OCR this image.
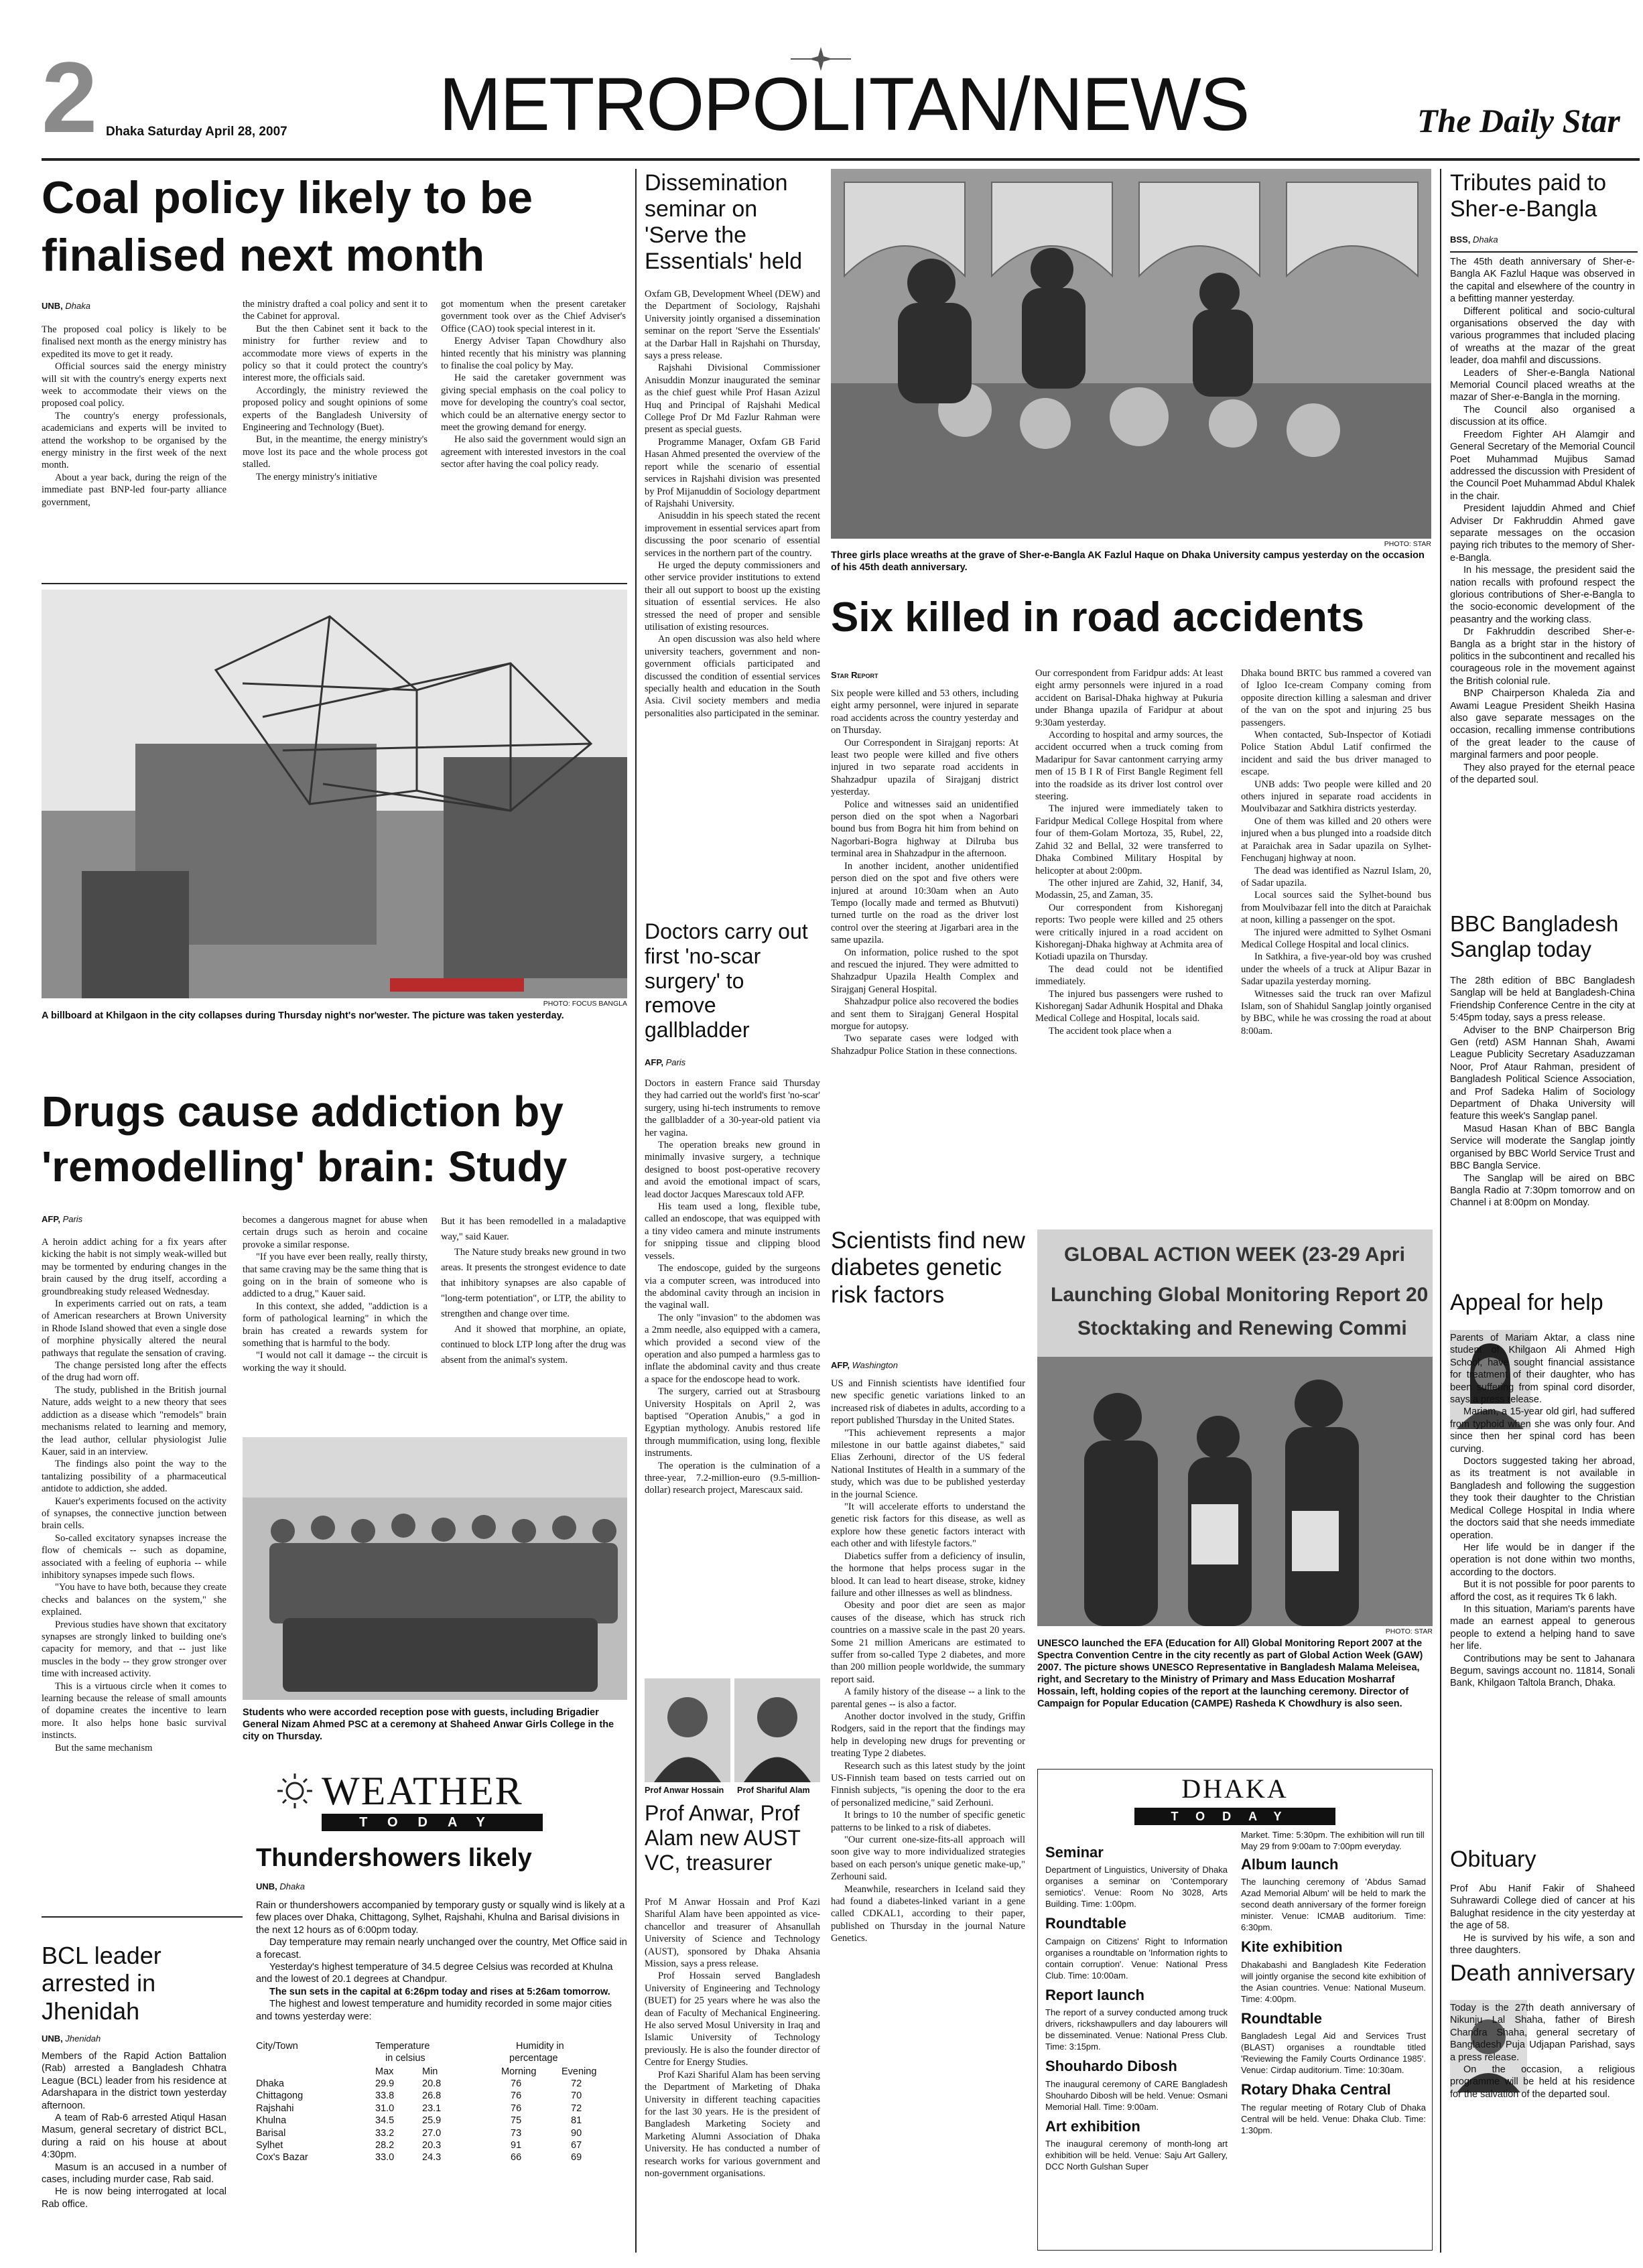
2 Dhaka Saturday April 28, 2007 METROPOLITAN/NEWS	The Daily Star
Coal policy likely to be finalised next month
UNB, Dhaka

The proposed coal policy is likely to be finalised next month as the energy ministry has expedited its move to get it ready.

Official sources said the energy ministry will sit with the country's energy experts next week to accommodate their views on the proposed coal policy.

The country's energy professionals, academicians and experts will be invited to attend the workshop to be organised by the energy ministry in the first week of the next month.

About a year back, during the reign of the immediate past BNP-led four-party alliance government,

the ministry drafted a coal policy and sent it to the Cabinet for approval.

But the then Cabinet sent it back to the ministry for further review and to accommodate more views of experts in the policy so that it could protect the country's interest more, the officials said.

Accordingly, the ministry reviewed the proposed policy and sought opinions of some experts of the Bangladesh University of Engineering and Technology (Buet).

But, in the meantime, the energy ministry's move lost its pace and the whole process got stalled.

The energy ministry's initiative

got momentum when the present caretaker government took over as the Chief Adviser's Office (CAO) took special interest in it.

Energy Adviser Tapan Chowdhury also hinted recently that his ministry was planning to finalise the coal policy by May.

He said the caretaker government was giving special emphasis on the coal policy to move for developing the country's coal sector, which could be an alternative energy sector to meet the growing demand for energy.

He also said the government would sign an agreement with interested investors in the coal sector after having the coal policy ready.

PHOTO: FOCUS BANGLA

A billboard at Khilgaon in the city collapses during Thursday night's nor'wester. The picture was taken yesterday.

Drugs cause addiction by 'remodelling' brain: Study
AFP, Paris

A heroin addict aching for a fix years after kicking the habit is not simply weak-willed but may be tormented by enduring changes in the brain caused by the drug itself, according a groundbreaking study released Wednesday.

In experiments carried out on rats, a team of American researchers at Brown University in Rhode Island showed that even a single dose of morphine physically altered the neural pathways that regulate the sensation of craving.

The change persisted long after the effects of the drug had worn off.

The study, published in the British journal Nature, adds weight to a new theory that sees addiction as a disease which "remodels" brain mechanisms related to learning and memory, the lead author, cellular physiologist Julie Kauer, said in an interview.

The findings also point the way to the tantalizing possibility of a pharmaceutical antidote to addiction, she added.

Kauer's experiments focused on the activity of synapses, the connective junction between brain cells.

So-called excitatory synapses increase the flow of chemicals -- such as dopamine, associated with a feeling of euphoria -- while inhibitory synapses impede such flows.

"You have to have both, because they create checks and balances on the system," she explained.

Previous studies have shown that excitatory synapses are strongly linked to building one's capacity for memory, and that -- just like muscles in the body -- they grow stronger over time with increased activity.

This is a virtuous circle when it comes to learning because the release of small amounts of dopamine creates the incentive to learn more. It also helps hone basic survival instincts.

But the same mechanism

becomes a dangerous magnet for abuse when certain drugs such as heroin and cocaine provoke a similar response.

"If you have ever been really, really thirsty, that same craving may be the same thing that is going on in the brain of someone who is addicted to a drug," Kauer said.

In this context, she added, "addiction is a form of pathological learning" in which the brain has created a rewards system for something that is harmful to the body.

"I would not call it damage -- the circuit is working the way it should.

But it has been remodelled in a maladaptive way," said Kauer.

The Nature study breaks new ground in two areas. It presents the strongest evidence to date that inhibitory synapses are also capable of "long-term potentiation", or LTP, the ability to strengthen and change over time.

And it showed that morphine, an opiate, continued to block LTP long after the drug was absent from the animal's system.

Students who were accorded reception pose with guests, including Brigadier General Nizam Ahmed PSC at a ceremony at Shaheed Anwar Girls College in the city on Thursday.

WEATHER
TODAY
Thundershowers likely
UNB, Dhaka

Rain or thundershowers accompanied by temporary gusty or squally wind is likely at a few places over Dhaka, Chittagong, Sylhet, Rajshahi, Khulna and Barisal divisions in the next 12 hours as of 6:00pm today.

Day temperature may remain nearly unchanged over the country, Met Office said in a forecast.

Yesterday's highest temperature of 34.5 degree Celsius was recorded at Khulna and the lowest of 20.1 degrees at Chandpur.

The sun sets in the capital at 6:26pm today and rises at 5:26am tomorrow.

The highest and lowest temperature and humidity recorded in some major cities and towns yesterday were:

City/Town	Temperature
in celsius
Humidity in
percentage
Max	Min	Morning	Evening
Dhaka	29.9	20.8	76	72
Chittagong	33.8	26.8	76	70
Rajshahi	31.0	23.1	76	72
Khulna	34.5	25.9	75	81
Barisal	33.2	27.0	73	90
Sylhet	28.2	20.3	91	67
Cox's Bazar	33.0	24.3	66	69
BCL leader arrested in Jhenidah
UNB, Jhenidah

Members of the Rapid Action Battalion (Rab) arrested a Bangladesh Chhatra League (BCL) leader from his residence at Adarshapara in the district town yesterday afternoon.

A team of Rab-6 arrested Atiqul Hasan Masum, general secretary of district BCL, during a raid on his house at about 4:30pm.

Masum is an accused in a number of cases, including murder case, Rab said.

He is now being interrogated at local Rab office.

Dissemination seminar on 'Serve the Essentials' held

Oxfam GB, Development Wheel (DEW) and the Department of Sociology, Rajshahi University jointly organised a dissemination seminar on the report 'Serve the Essentials' at the Darbar Hall in Rajshahi on Thursday, says a press release.

Rajshahi Divisional Commissioner Anisuddin Monzur inaugurated the seminar as the chief guest while Prof Hasan Azizul Huq and Principal of Rajshahi Medical College Prof Dr Md Fazlur Rahman were present as special guests.

Programme Manager, Oxfam GB Farid Hasan Ahmed presented the overview of the report while the scenario of essential services in Rajshahi division was presented by Prof Mijanuddin of Sociology department of Rajshahi University.

Anisuddin in his speech stated the recent improvement in essential services apart from discussing the poor scenario of essential services in the northern part of the country.

He urged the deputy commissioners and other service provider institutions to extend their all out support to boost up the existing situation of essential services. He also stressed the need of proper and sensible utilisation of existing resources.

An open discussion was also held where university teachers, government and non-government officials participated and discussed the condition of essential services specially health and education in the South Asia. Civil society members and media personalities also participated in the seminar.

Doctors carry out first 'no-scar surgery' to remove gallbladder
AFP, Paris

Doctors in eastern France said Thursday they had carried out the world's first 'no-scar' surgery, using hi-tech instruments to remove the gallbladder of a 30-year-old patient via her vagina.

The operation breaks new ground in minimally invasive surgery, a technique designed to boost post-operative recovery and avoid the emotional impact of scars, lead doctor Jacques Marescaux told AFP.

His team used a long, flexible tube, called an endoscope, that was equipped with a tiny video camera and minute instruments for snipping tissue and clipping blood vessels.

The endoscope, guided by the surgeons via a computer screen, was introduced into the abdominal cavity through an incision in the vaginal wall.

The only "invasion" to the abdomen was a 2mm needle, also equipped with a camera, which provided a second view of the operation and also pumped a harmless gas to inflate the abdominal cavity and thus create a space for the endoscope head to work.

The surgery, carried out at Strasbourg University Hospitals on April 2, was baptised "Operation Anubis," a god in Egyptian mythology. Anubis restored life through mummification, using long, flexible instruments.

The operation is the culmination of a three-year, 7.2-million-euro (9.5-million-dollar) research project, Marescaux said.

Prof Anwar Hossain Prof Shariful Alam

Prof Anwar, Prof Alam new AUST VC, treasurer

Prof M Anwar Hossain and Prof Kazi Shariful Alam have been appointed as vice-chancellor and treasurer of Ahsanullah University of Science and Technology (AUST), sponsored by Dhaka Ahsania Mission, says a press release.

Prof Hossain served Bangladesh University of Engineering and Technology (BUET) for 25 years where he was also the dean of Faculty of Mechanical Engineering. He also served Mosul University in Iraq and Islamic University of Technology previously. He is also the founder director of Centre for Energy Studies.

Prof Kazi Shariful Alam has been serving the Department of Marketing of Dhaka University in different teaching capacities for the last 30 years. He is the president of Bangladesh Marketing Society and Marketing Alumni Association of Dhaka University. He has conducted a number of research works for various government and non-government organisations.

PHOTO: STAR

Three girls place wreaths at the grave of Sher-e-Bangla AK Fazlul Haque on Dhaka University campus yesterday on the occasion of his 45th death anniversary.

Six killed in road accidents
Star Report

Six people were killed and 53 others, including eight army personnel, were injured in separate road accidents across the country yesterday and on Thursday.

Our Correspondent in Sirajganj reports: At least two people were killed and five others injured in two separate road accidents in Shahzadpur upazila of Sirajganj district yesterday.

Police and witnesses said an unidentified person died on the spot when a Nagorbari bound bus from Bogra hit him from behind on Nagorbari-Bogra highway at Dilruba bus terminal area in Shahzadpur in the afternoon.

In another incident, another unidentified person died on the spot and five others were injured at around 10:30am when an Auto Tempo (locally made and termed as Bhutvuti) turned turtle on the road as the driver lost control over the steering at Jigarbari area in the same upazila.

On information, police rushed to the spot and rescued the injured. They were admitted to Shahzadpur Upazila Health Complex and Sirajganj General Hospital.

Shahzadpur police also recovered the bodies and sent them to Sirajganj General Hospital morgue for autopsy.

Two separate cases were lodged with Shahzadpur Police Station in these connections.

Our correspondent from Faridpur adds: At least eight army personnels were injured in a road accident on Barisal-Dhaka highway at Pukuria under Bhanga upazila of Faridpur at about 9:30am yesterday.

According to hospital and army sources, the accident occurred when a truck coming from Madaripur for Savar cantonment carrying army men of 15 B I R of First Bangle Regiment fell into the roadside as its driver lost control over steering.

The injured were immediately taken to Faridpur Medical College Hospital from where four of them-Golam Mortoza, 35, Rubel, 22, Zahid 32 and Bellal, 32 were transferred to Dhaka Combined Military Hospital by helicopter at about 2:00pm.

The other injured are Zahid, 32, Hanif, 34, Modassin, 25, and Zaman, 35.

Our correspondent from Kishoreganj reports: Two people were killed and 25 others were critically injured in a road accident on Kishoreganj-Dhaka highway at Achmita area of Kotiadi upazila on Thursday.

The dead could not be identified immediately.

The injured bus passengers were rushed to Kishoreganj Sadar Adhunik Hospital and Dhaka Medical College and Hospital, locals said.

The accident took place when a

Dhaka bound BRTC bus rammed a covered van of Igloo Ice-cream Company coming from opposite direction killing a salesman and driver of the van on the spot and injuring 25 bus passengers.

When contacted, Sub-Inspector of Kotiadi Police Station Abdul Latif confirmed the incident and said the bus driver managed to escape.

UNB adds: Two people were killed and 20 others injured in separate road accidents in Moulvibazar and Satkhira districts yesterday.

One of them was killed and 20 others were injured when a bus plunged into a roadside ditch at Paraichak area in Sadar upazila on Sylhet-Fenchuganj highway at noon.

The dead was identified as Nazrul Islam, 20, of Sadar upazila.

Local sources said the Sylhet-bound bus from Moulvibazar fell into the ditch at Paraichak at noon, killing a passenger on the spot.

The injured were admitted to Sylhet Osmani Medical College Hospital and local clinics.

In Satkhira, a five-year-old boy was crushed under the wheels of a truck at Alipur Bazar in Sadar upazila yesterday morning.

Witnesses said the truck ran over Mafizul Islam, son of Shahidul Sanglap jointly organised by BBC, while he was crossing the road at about 8:00am.

Scientists find new diabetes genetic risk factors
AFP, Washington

US and Finnish scientists have identified four new specific genetic variations linked to an increased risk of diabetes in adults, according to a report published Thursday in the United States.

"This achievement represents a major milestone in our battle against diabetes," said Elias Zerhouni, director of the US federal National Institutes of Health in a summary of the study, which was due to be published yesterday in the journal Science.

"It will accelerate efforts to understand the genetic risk factors for this disease, as well as explore how these genetic factors interact with each other and with lifestyle factors."

Diabetics suffer from a deficiency of insulin, the hormone that helps process sugar in the blood. It can lead to heart disease, stroke, kidney failure and other illnesses as well as blindness.

Obesity and poor diet are seen as major causes of the disease, which has struck rich countries on a massive scale in the past 20 years. Some 21 million Americans are estimated to suffer from so-called Type 2 diabetes, and more than 200 million people worldwide, the summary report said.

A family history of the disease -- a link to the parental genes -- is also a factor.

Another doctor involved in the study, Griffin Rodgers, said in the report that the findings may help in developing new drugs for preventing or treating Type 2 diabetes.

Research such as this latest study by the joint US-Finnish team based on tests carried out on Finnish subjects, "is opening the door to the era of personalized medicine," said Zerhouni.

It brings to 10 the number of specific genetic patterns to be linked to a risk of diabetes.

"Our current one-size-fits-all approach will soon give way to more individualized strategies based on each person's unique genetic make-up," Zerhouni said.

Meanwhile, researchers in Iceland said they had found a diabetes-linked variant in a gene called CDKAL1, according to their paper, published on Thursday in the journal Nature Genetics.

GLOBAL ACTION WEEK (23-29 Apri
Launching Global Monitoring Report 20
Stocktaking and Renewing Commi

PHOTO: STAR

UNESCO launched the EFA (Education for All) Global Monitoring Report 2007 at the Spectra Convention Centre in the city recently as part of Global Action Week (GAW) 2007. The picture shows UNESCO Representative in Bangladesh Malama Meleisea, right, and Secretary to the Ministry of Primary and Mass Education Mosharraf Hossain, left, holding copies of the report at the launching ceremony. Director of Campaign for Popular Education (CAMPE) Rasheda K Chowdhury is also seen.

DHAKA
TODAY
Seminar

Department of Linguistics, University of Dhaka organises a seminar on 'Contemporary semiotics'. Venue: Room No 3028, Arts Building. Time: 1:00pm.

Roundtable

Campaign on Citizens' Right to Information organises a roundtable on 'Information rights to contain corruption'. Venue: National Press Club. Time: 10:00am.

Report launch

The report of a survey conducted among truck drivers, rickshawpullers and day labourers will be disseminated. Venue: National Press Club. Time: 3:15pm.

Shouhardo Dibosh

The inaugural ceremony of CARE Bangladesh Shouhardo Dibosh will be held. Venue: Osmani Memorial Hall. Time: 9:00am.

Art exhibition

The inaugural ceremony of month-long art exhibition will be held. Venue: Saju Art Gallery, DCC North Gulshan Super

Market. Time: 5:30pm. The exhibition will run till May 29 from 9:00am to 7:00pm everyday.

Album launch

The launching ceremony of 'Abdus Samad Azad Memorial Album' will be held to mark the second death anniversary of the former foreign minister. Venue: ICMAB auditorium. Time: 6:30pm.

Kite exhibition

Dhakabashi and Bangladesh Kite Federation will jointly organise the second kite exhibition of the Asian countries. Venue: National Museum. Time: 4:00pm.

Roundtable

Bangladesh Legal Aid and Services Trust (BLAST) organises a roundtable titled 'Reviewing the Family Courts Ordinance 1985'. Venue: Cirdap auditorium. Time: 10:30am.

Rotary Dhaka Central

The regular meeting of Rotary Club of Dhaka Central will be held. Venue: Dhaka Club. Time: 1:30pm.

Tributes paid to Sher-e-Bangla
BSS, Dhaka

The 45th death anniversary of Sher-e-Bangla AK Fazlul Haque was observed in the capital and elsewhere of the country in a befitting manner yesterday.

Different political and socio-cultural organisations observed the day with various programmes that included placing of wreaths at the mazar of the great leader, doa mahfil and discussions.

Leaders of Sher-e-Bangla National Memorial Council placed wreaths at the mazar of Sher-e-Bangla in the morning.

The Council also organised a discussion at its office.

Freedom Fighter AH Alamgir and General Secretary of the Memorial Council Poet Muhammad Mujibus Samad addressed the discussion with President of the Council Poet Muhammad Abdul Khalek in the chair.

President Iajuddin Ahmed and Chief Adviser Dr Fakhruddin Ahmed gave separate messages on the occasion paying rich tributes to the memory of Sher-e-Bangla.

In his message, the president said the nation recalls with profound respect the glorious contributions of Sher-e-Bangla to the socio-economic development of the peasantry and the working class.

Dr Fakhruddin described Sher-e-Bangla as a bright star in the history of politics in the subcontinent and recalled his courageous role in the movement against the British colonial rule.

BNP Chairperson Khaleda Zia and Awami League President Sheikh Hasina also gave separate messages on the occasion, recalling immense contributions of the great leader to the cause of marginal farmers and poor people.

They also prayed for the eternal peace of the departed soul.

BBC Bangladesh Sanglap today

The 28th edition of BBC Bangladesh Sanglap will be held at Bangladesh-China Friendship Conference Centre in the city at 5:45pm today, says a press release.

Adviser to the BNP Chairperson Brig Gen (retd) ASM Hannan Shah, Awami League Publicity Secretary Asaduzzaman Noor, Prof Ataur Rahman, president of Bangladesh Political Science Association, and Prof Sadeka Halim of Sociology Department of Dhaka University will feature this week's Sanglap panel.

Masud Hasan Khan of BBC Bangla Service will moderate the Sanglap jointly organised by BBC World Service Trust and BBC Bangla Service.

The Sanglap will be aired on BBC Bangla Radio at 7:30pm tomorrow and on Channel i at 8:00pm on Monday.

Appeal for help

Parents of Mariam Aktar, a class nine student of Khilgaon Ali Ahmed High School, have sought financial assistance for treatment of their daughter, who has been suffering from spinal cord disorder, says a press release.

Mariam, a 15-year old girl, had suffered from typhoid when she was only four. And since then her spinal cord has been curving.

Doctors suggested taking her abroad, as its treatment is not available in Bangladesh and following the suggestion they took their daughter to the Christian Medical College Hospital in India where the doctors said that she needs immediate operation.

Her life would be in danger if the operation is not done within two months, according to the doctors.

But it is not possible for poor parents to afford the cost, as it requires Tk 6 lakh.

In this situation, Mariam's parents have made an earnest appeal to generous people to extend a helping hand to save her life.

Contributions may be sent to Jahanara Begum, savings account no. 11814, Sonali Bank, Khilgaon Taltola Branch, Dhaka.

Obituary

Prof Abu Hanif Fakir of Shaheed Suhrawardi College died of cancer at his Balughat residence in the city yesterday at the age of 58.

He is survived by his wife, a son and three daughters.

Death anniversary

Today is the 27th death anniversary of Nikunju Lal Shaha, father of Biresh Chandra Shaha, general secretary of Bangladesh Puja Udjapan Parishad, says a press release.

On the occasion, a religious programme will be held at his residence for the salvation of the departed soul.
